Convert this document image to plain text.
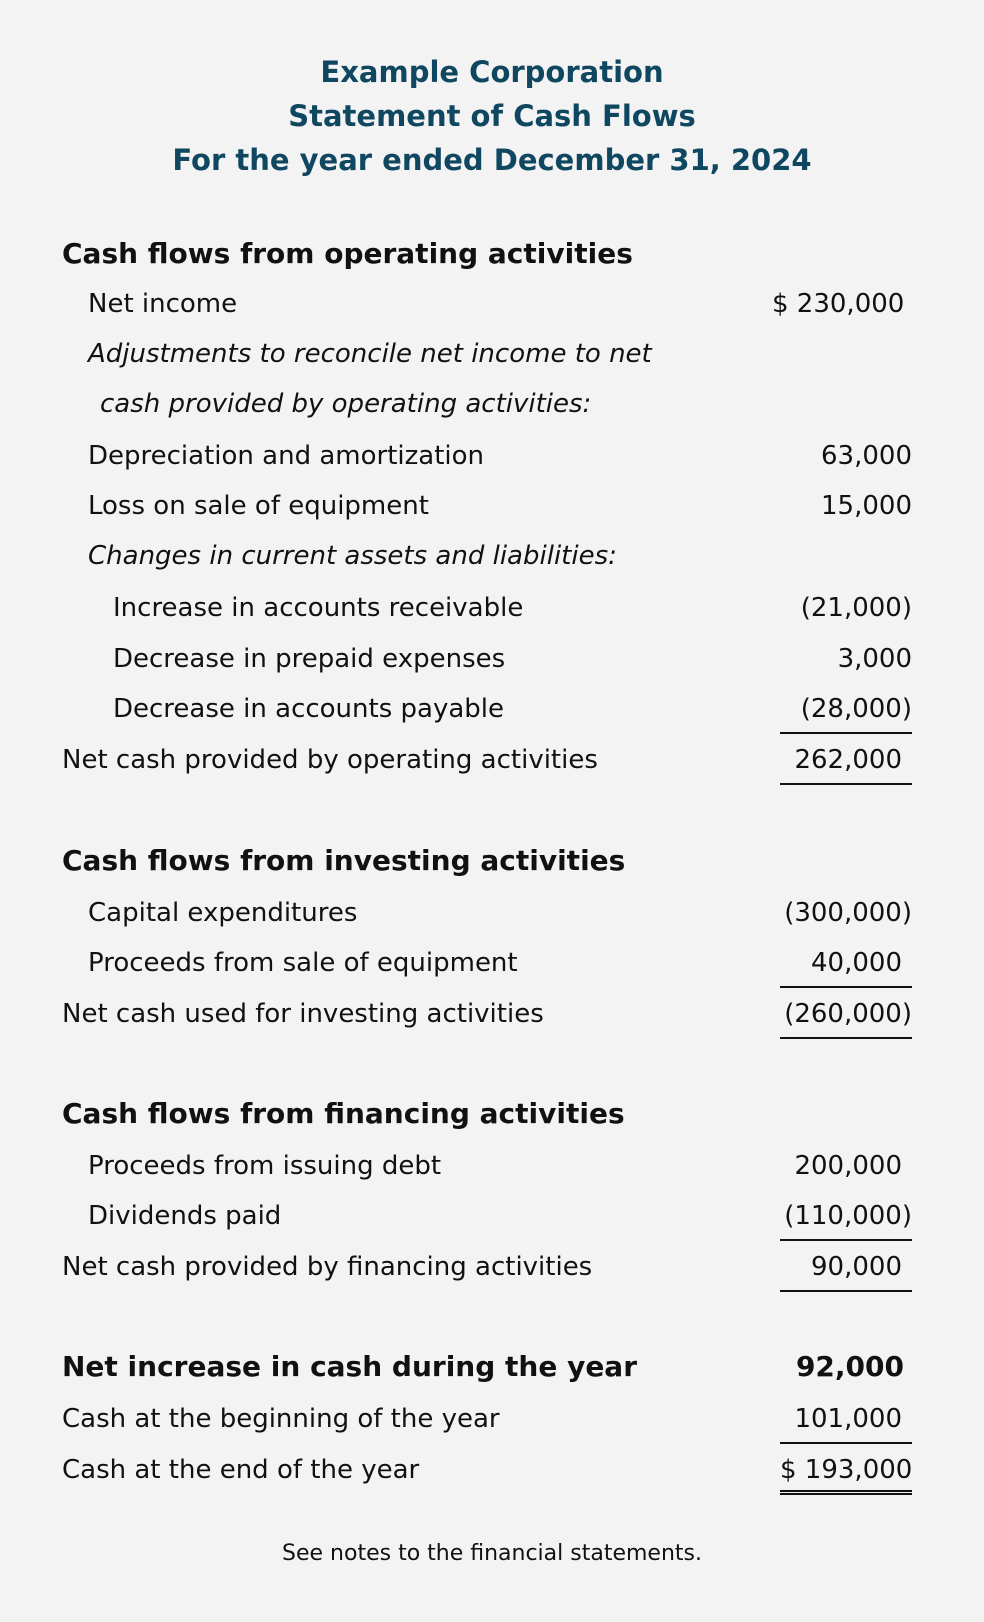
Example Corporation
Statement of Cash Flows
For the year ended December 31, 2024
Cash flows from operating activities
Net income	$ 230,000
Adjustments to reconcile net income to net
cash provided by operating activities:
Depreciation and amortization	63,000
Loss on sale of equipment	15,000
Changes in current assets and liabilities:
Increase in accounts receivable	(21,000)
Decrease in prepaid expenses	3,000
Decrease in accounts payable	(28,000)
Net cash provided by operating activities	262,000
Cash flows from investing activities
Capital expenditures	(300,000)
Proceeds from sale of equipment	40,000
Net cash used for investing activities	(260,000)
Cash flows from financing activities
Proceeds from issuing debt	200,000
Dividends paid	(110,000)
Net cash provided by financing activities	90,000
Net increase in cash during the year	92,000
Cash at the beginning of the year	101,000
Cash at the end of the year	$ 193,000
See notes to the financial statements.
